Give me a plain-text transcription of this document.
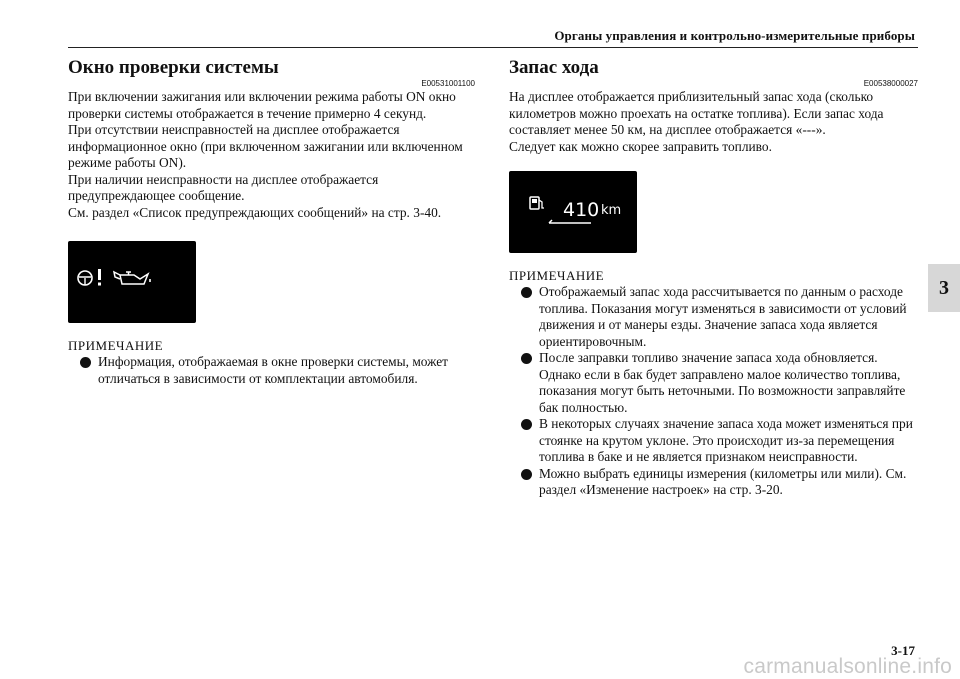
Органы управления и контрольно-измерительные приборы
3
Окно проверки системы
E00531001100

При включении зажигания или включении режима работы ON окно проверки системы отображается в течение примерно 4 секунд.

При отсутствии неисправностей на дисплее отображается информационное окно (при включенном зажигании или включенном режиме работы ON).

При наличии неисправности на дисплее отображается предупреждающее сообщение.

См. раздел «Список предупреждающих сообщений» на стр. 3-40.

ПРИМЕЧАНИЕ
Информация, отображаемая в окне проверки системы, может отличаться в зависимости от комплектации автомобиля.
Запас хода
E00538000027

На дисплее отображается приблизительный запас хода (сколько километров можно проехать на остатке топлива). Если запас хода составляет менее 50 км, на дисплее отображается «---».

Следует как можно скорее заправить топливо.

410 km
ПРИМЕЧАНИЕ
Отображаемый запас хода рассчитывается по данным о расходе топлива. Показания могут изменяться в зависимости от условий движения и от манеры езды. Значение запаса хода является ориентировочным.
После заправки топливо значение запаса хода обновляется. Однако если в бак будет заправлено малое количество топлива, показания могут быть неточными. По возможности заправляйте бак полностью.
В некоторых случаях значение запаса хода может изменяться при стоянке на крутом уклоне. Это происходит из-за перемещения топлива в баке и не является признаком неисправности.
Можно выбрать единицы измерения (километры или мили). См. раздел «Изменение настроек» на стр. 3-20.
3-17
carmanualsonline.info
